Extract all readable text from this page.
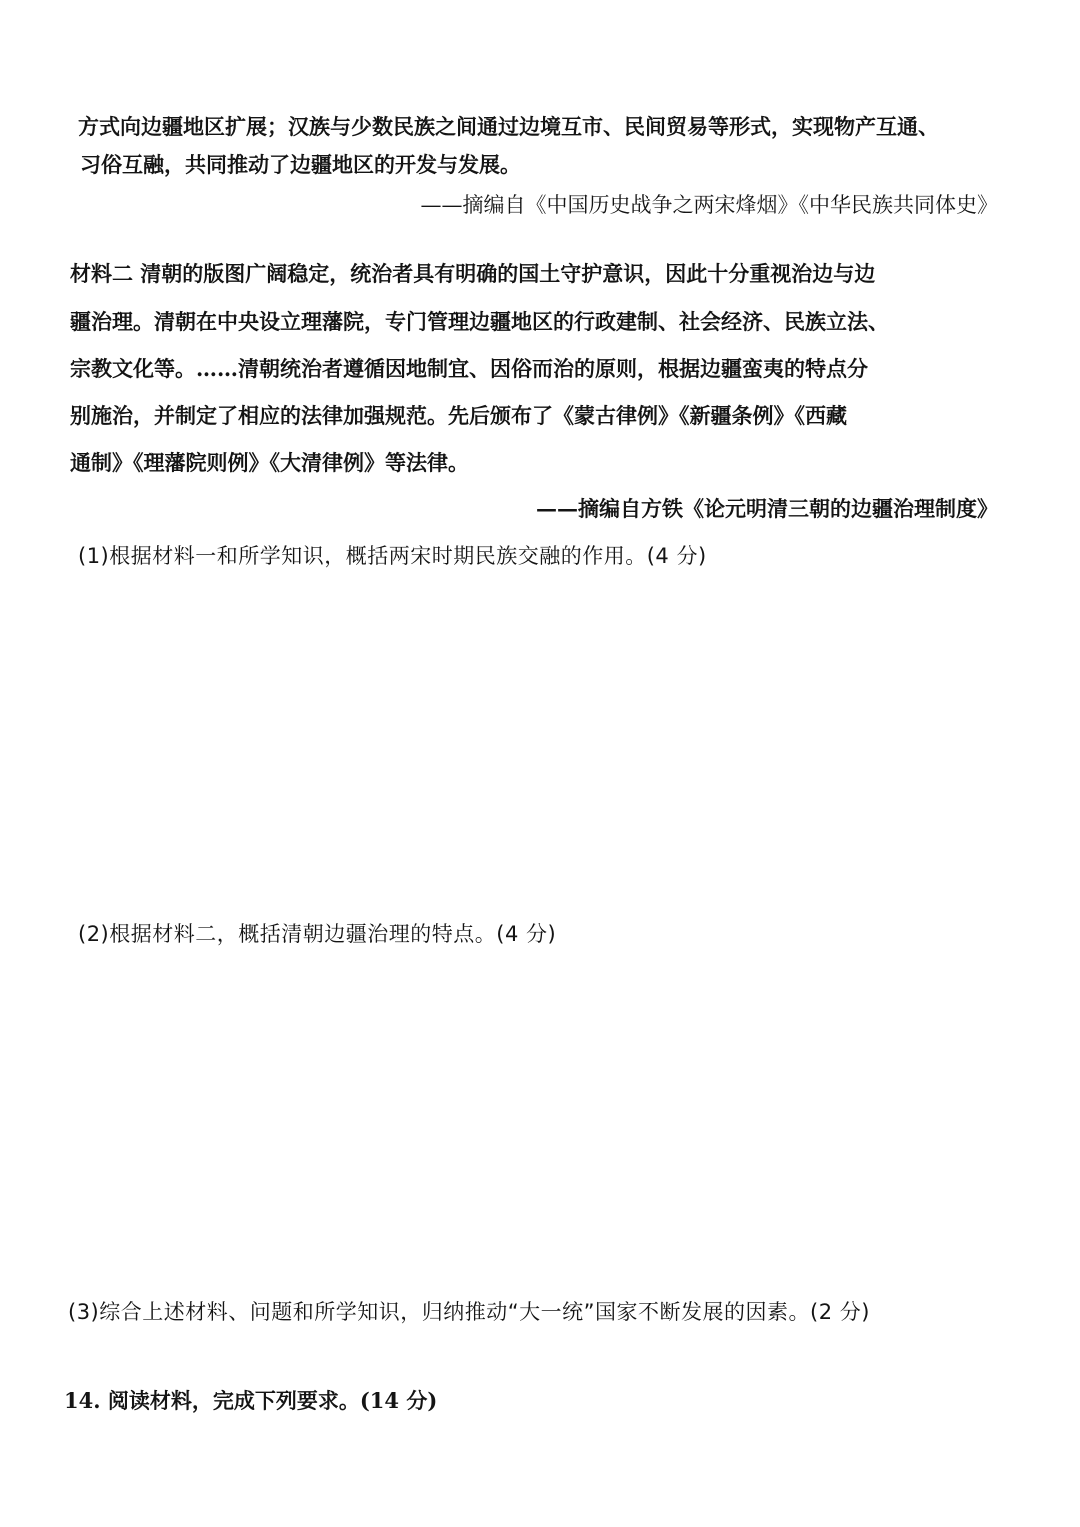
方式向边疆地区扩展；汉族与少数民族之间通过边境互市、民间贸易等形式，实现物产互通、
习俗互融，共同推动了边疆地区的开发与发展。
——摘编自《中国历史战争之两宋烽烟》《中华民族共同体史》
材料二 清朝的版图广阔稳定，统治者具有明确的国土守护意识，因此十分重视治边与边
疆治理。清朝在中央设立理藩院，专门管理边疆地区的行政建制、社会经济、民族立法、
宗教文化等。……清朝统治者遵循因地制宜、因俗而治的原则，根据边疆蛮夷的特点分
别施治，并制定了相应的法律加强规范。先后颁布了《蒙古律例》《新疆条例》《西藏
通制》《理藩院则例》《大清律例》等法律。
——摘编自方铁《论元明清三朝的边疆治理制度》
(1)根据材料一和所学知识，概括两宋时期民族交融的作用。(4 分)
(2)根据材料二，概括清朝边疆治理的特点。(4 分)
(3)综合上述材料、问题和所学知识，归纳推动“大一统”国家不断发展的因素。(2 分)
14. 阅读材料，完成下列要求。(14 分)
